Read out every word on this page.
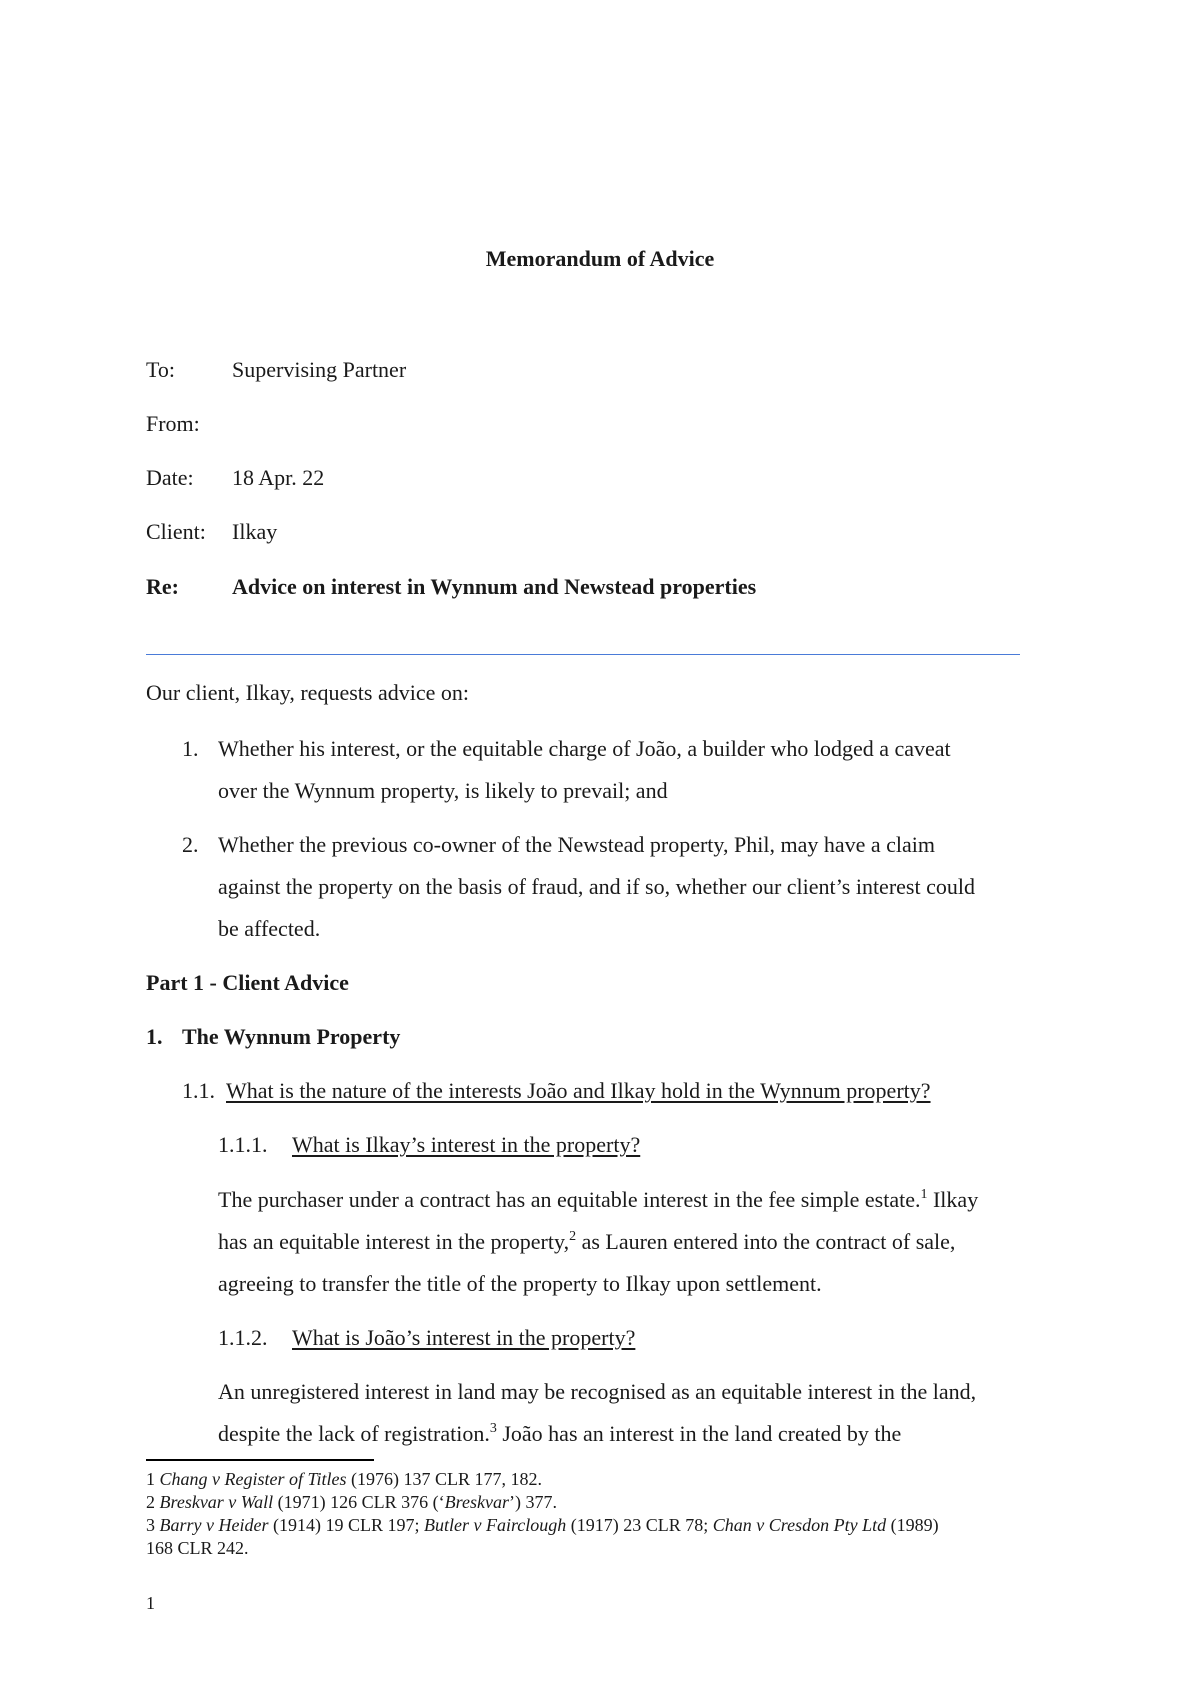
Memorandum of Advice
To:	Supervising Partner
From:
Date: 18 Apr. 22
Client: Ilkay
Re: Advice on interest in Wynnum and Newstead properties
Our client, Ilkay, requests advice on:
1. Whether his interest, or the equitable charge of João, a builder who lodged a caveat
over the Wynnum property, is likely to prevail; and
2. Whether the previous co-owner of the Newstead property, Phil, may have a claim
against the property on the basis of fraud, and if so, whether our client’s interest could
be affected.
Part 1 - Client Advice
1. The Wynnum Property
1.1. What is the nature of the interests João and Ilkay hold in the Wynnum property?
1.1.1. What is Ilkay’s interest in the property?
The purchaser under a contract has an equitable interest in the fee simple estate.$^1$ Ilkay
has an equitable interest in the property,$^2$ as Lauren entered into the contract of sale,
agreeing to transfer the title of the property to Ilkay upon settlement.
1.1.2. What is João’s interest in the property?
An unregistered interest in land may be recognised as an equitable interest in the land,
despite the lack of registration.$^3$ João has an interest in the land created by the
1 Chang v Register of Titles (1976) 137 CLR 177, 182.
2 Breskvar v Wall (1971) 126 CLR 376 (‘Breskvar’) 377.
3 Barry v Heider (1914) 19 CLR 197; Butler v Fairclough (1917) 23 CLR 78; Chan v Cresdon Pty Ltd (1989)
168 CLR 242.
1
